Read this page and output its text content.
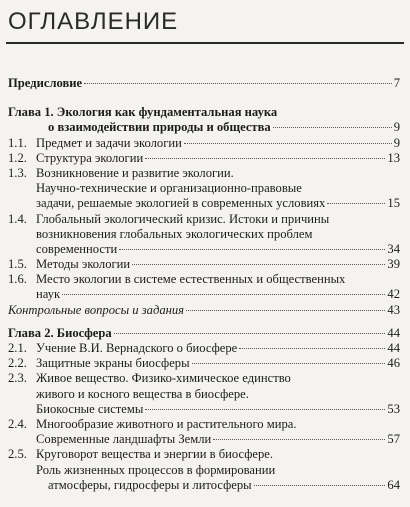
ОГЛАВЛЕНИЕ
Предисловие	7
Глава 1. Экология как фундаментальная наука
о взаимодействии природы и общества	9
1.1. Предмет и задачи экологии	9
1.2. Структура экологии	13
1.3. Возникновение и развитие экологии.
Научно-технические и организационно-правовые
задачи, решаемые экологией в современных условиях	15
1.4. Глобальный экологический кризис. Истоки и причины
возникновения глобальных экологических проблем
современности	34
1.5. Методы экологии	39
1.6. Место экологии в системе естественных и общественных
наук	42
Контрольные вопросы и задания	43
Глава 2. Биосфера	44
2.1. Учение В.И. Вернадского о биосфере	44
2.2. Защитные экраны биосферы	46
2.3. Живое вещество. Физико-химическое единство
живого и косного вещества в биосфере.
Биокосные системы	53
2.4. Многообразие животного и растительного мира.
Современные ландшафты Земли	57
2.5. Круговорот вещества и энергии в биосфере.
Роль жизненных процессов в формировании
атмосферы, гидросферы и литосферы	64
